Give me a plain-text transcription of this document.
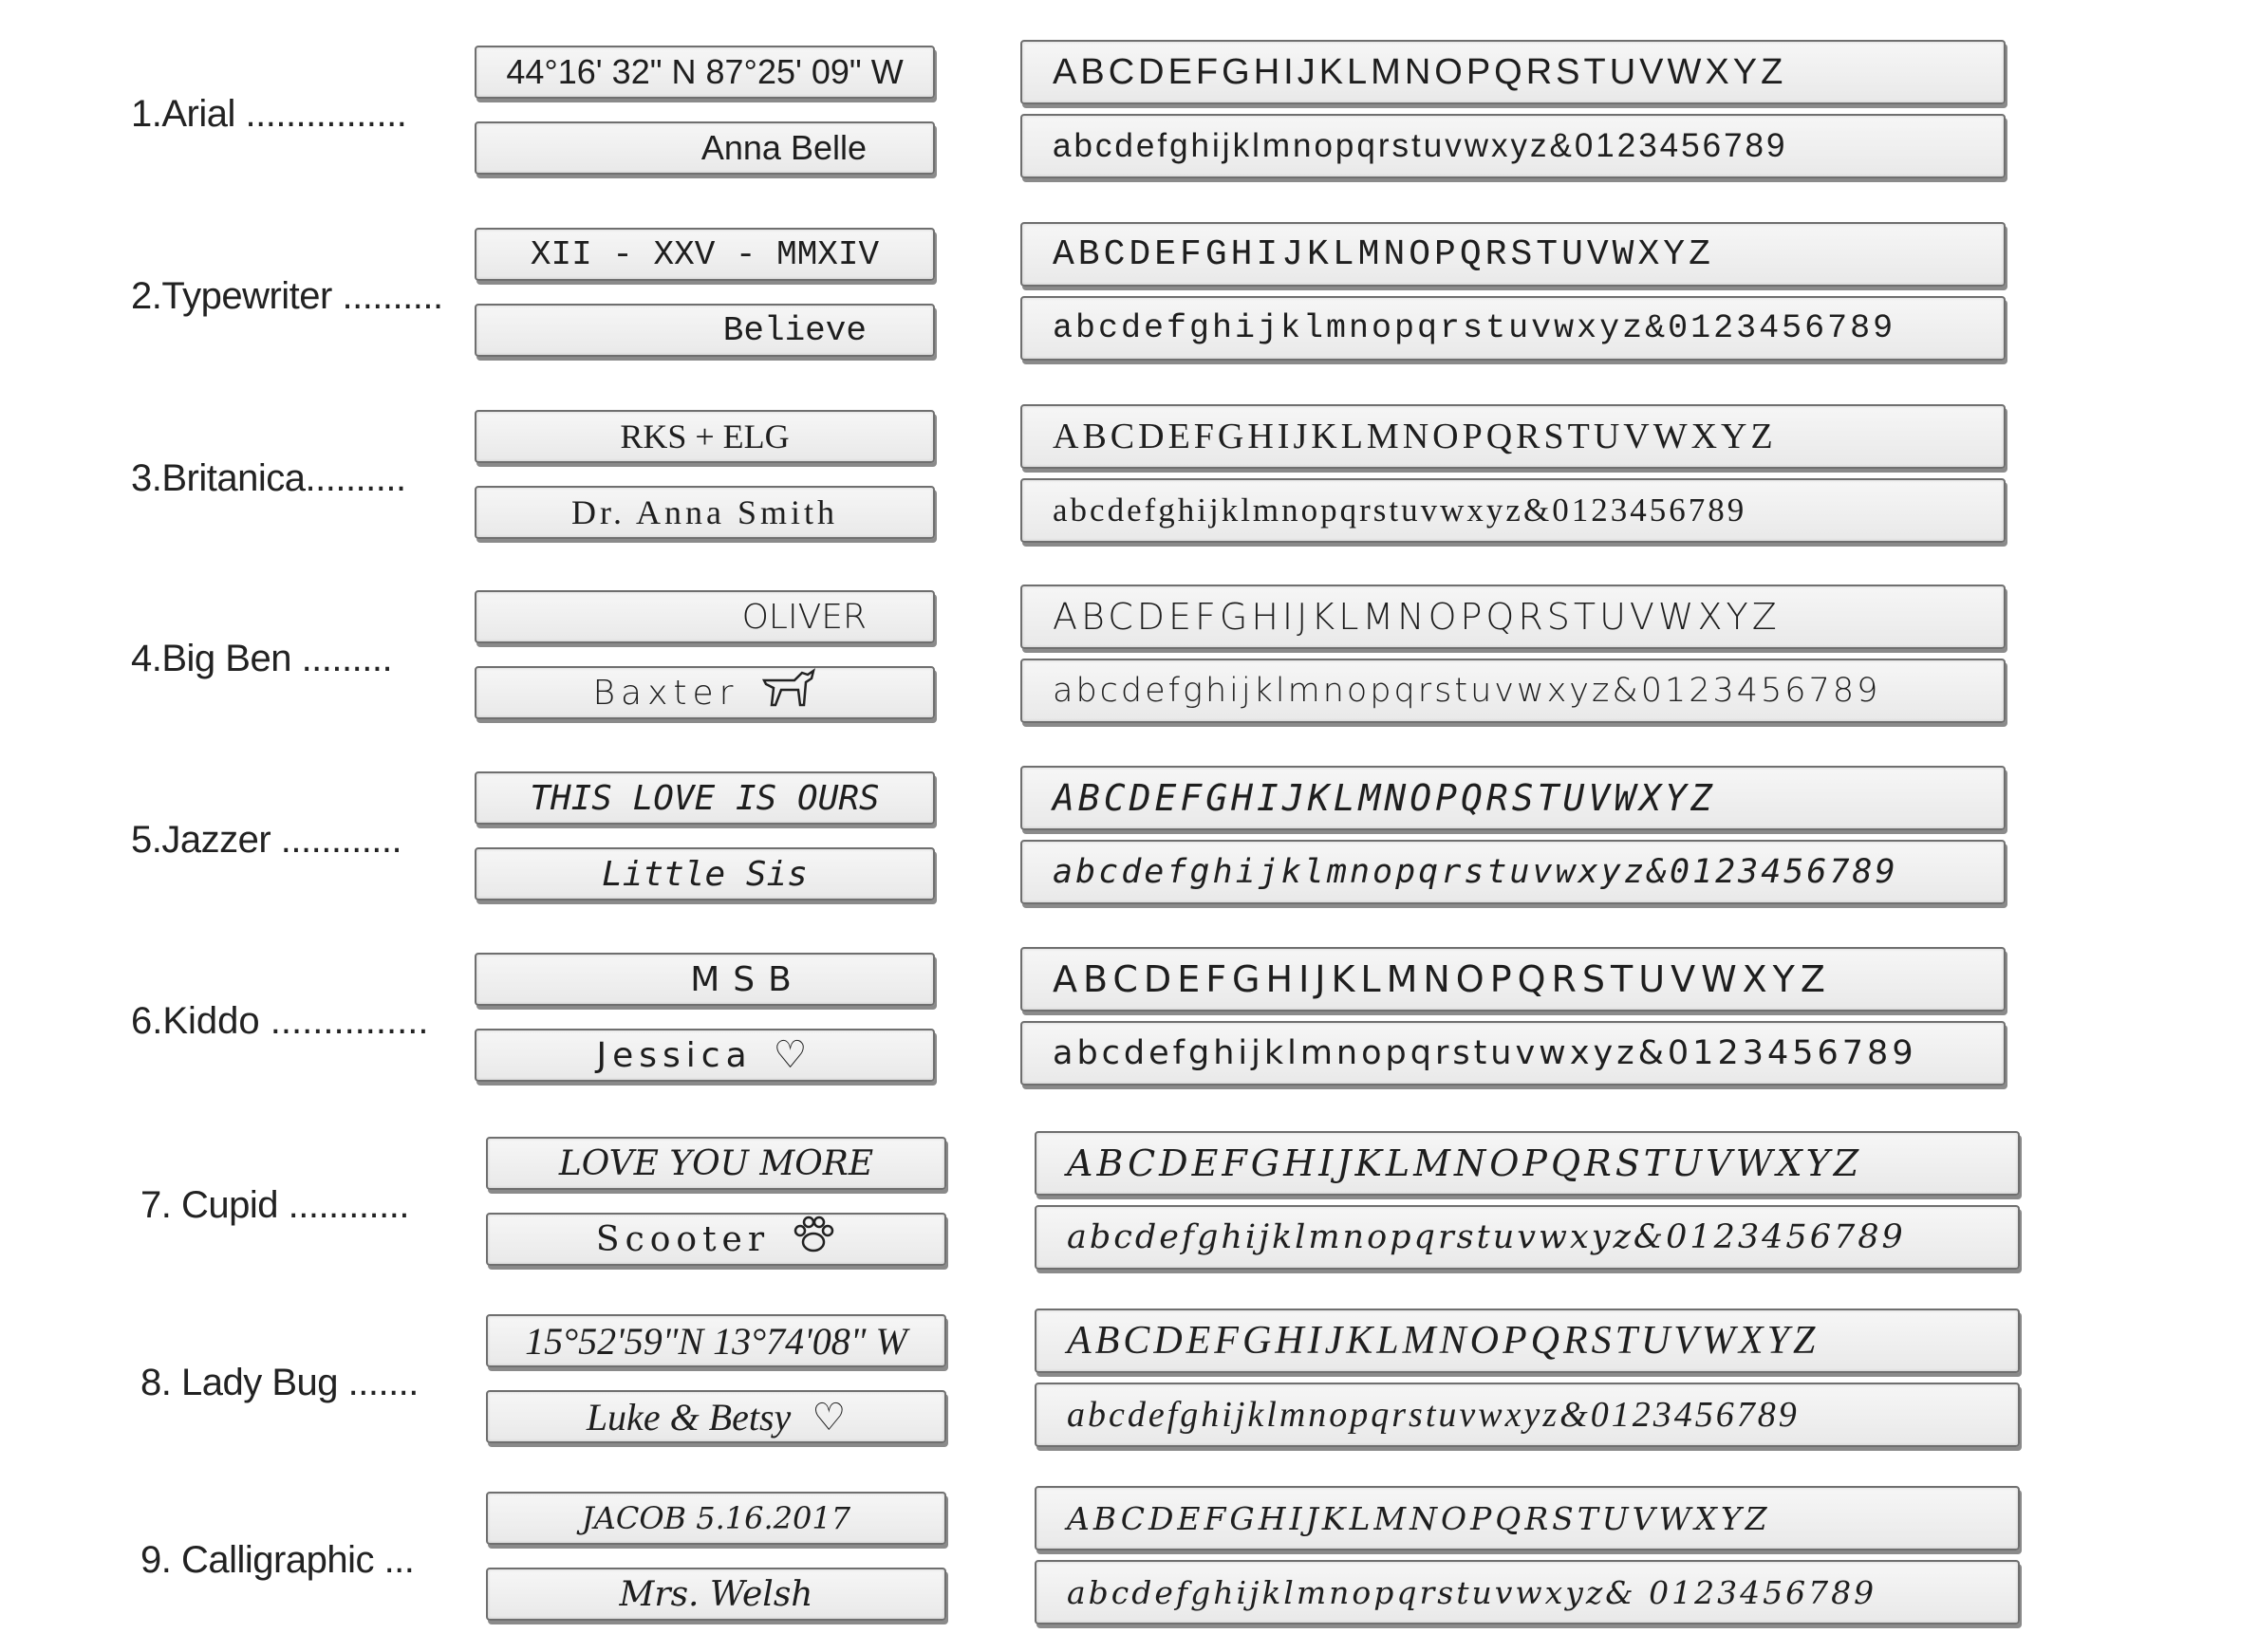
1.Arial ................
44°16' 32" N 87°25' 09" W
Anna Belle
ABCDEFGHIJKLMNOPQRSTUVWXYZ
abcdefghijklmnopqrstuvwxyz&0123456789
2.Typewriter ..........
XII - XXV - MMXIV
Believe
ABCDEFGHIJKLMNOPQRSTUVWXYZ
abcdefghijklmnopqrstuvwxyz&0123456789
3.Britanica..........
RKS + ELG
Dr. Anna Smith
ABCDEFGHIJKLMNOPQRSTUVWXYZ
abcdefghijklmnopqrstuvwxyz&0123456789
4.Big Ben .........
OLIVER
Baxter
ABCDEFGHIJKLMNOPQRSTUVWXYZ
abcdefghijklmnopqrstuvwxyz&0123456789
5.Jazzer ............
THIS LOVE IS OURS
Little Sis
ABCDEFGHIJKLMNOPQRSTUVWXYZ
abcdefghijklmnopqrstuvwxyz&0123456789
6.Kiddo ...............
MSB
Jessica ♡
ABCDEFGHIJKLMNOPQRSTUVWXYZ
abcdefghijklmnopqrstuvwxyz&0123456789
7. Cupid ............
LOVE YOU MORE
Scooter
ABCDEFGHIJKLMNOPQRSTUVWXYZ
abcdefghijklmnopqrstuvwxyz&0123456789
8. Lady Bug .......
15°52'59"N 13°74'08" W
Luke & Betsy ♡
ABCDEFGHIJKLMNOPQRSTUVWXYZ
abcdefghijklmnopqrstuvwxyz&0123456789
9. Calligraphic ...
JACOB 5.16.2017
Mrs. Welsh
ABCDEFGHIJKLMNOPQRSTUVWXYZ
abcdefghijklmnopqrstuvwxyz& 0123456789
